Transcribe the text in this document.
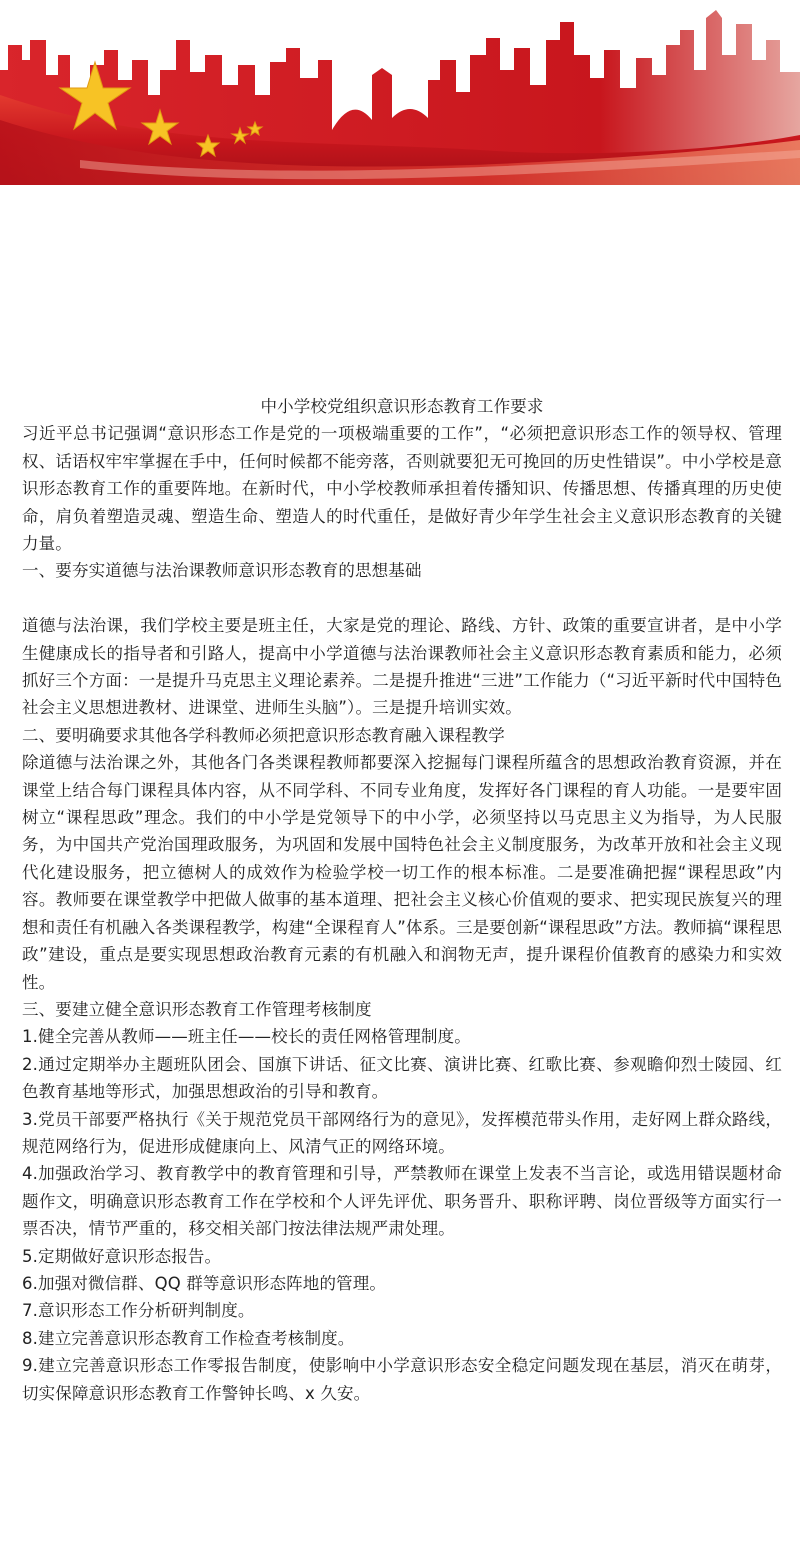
中小学校党组织意识形态教育工作要求

习近平总书记强调“意识形态工作是党的一项极端重要的工作”，“必须把意识形态工作的领导权、管理权、话语权牢牢掌握在手中，任何时候都不能旁落，否则就要犯无可挽回的历史性错误”。中小学校是意识形态教育工作的重要阵地。在新时代，中小学校教师承担着传播知识、传播思想、传播真理的历史使命，肩负着塑造灵魂、塑造生命、塑造人的时代重任，是做好青少年学生社会主义意识形态教育的关键力量。

一、要夯实道德与法治课教师意识形态教育的思想基础

道德与法治课，我们学校主要是班主任，大家是党的理论、路线、方针、政策的重要宣讲者，是中小学生健康成长的指导者和引路人，提高中小学道德与法治课教师社会主义意识形态教育素质和能力，必须抓好三个方面：一是提升马克思主义理论素养。二是提升推进“三进”工作能力（“习近平新时代中国特色社会主义思想进教材、进课堂、进师生头脑”）。三是提升培训实效。

二、要明确要求其他各学科教师必须把意识形态教育融入课程教学

除道德与法治课之外，其他各门各类课程教师都要深入挖掘每门课程所蕴含的思想政治教育资源，并在课堂上结合每门课程具体内容，从不同学科、不同专业角度，发挥好各门课程的育人功能。一是要牢固树立“课程思政”理念。我们的中小学是党领导下的中小学，必须坚持以马克思主义为指导，为人民服务，为中国共产党治国理政服务，为巩固和发展中国特色社会主义制度服务，为改革开放和社会主义现代化建设服务，把立德树人的成效作为检验学校一切工作的根本标准。二是要准确把握“课程思政”内容。教师要在课堂教学中把做人做事的基本道理、把社会主义核心价值观的要求、把实现民族复兴的理想和责任有机融入各类课程教学，构建“全课程育人”体系。三是要创新“课程思政”方法。教师搞“课程思政”建设，重点是要实现思想政治教育元素的有机融入和润物无声，提升课程价值教育的感染力和实效性。

三、要建立健全意识形态教育工作管理考核制度

1.健全完善从教师——班主任——校长的责任网格管理制度。

2.通过定期举办主题班队团会、国旗下讲话、征文比赛、演讲比赛、红歌比赛、参观瞻仰烈士陵园、红色教育基地等形式，加强思想政治的引导和教育。

3.党员干部要严格执行《关于规范党员干部网络行为的意见》，发挥模范带头作用，走好网上群众路线，规范网络行为，促进形成健康向上、风清气正的网络环境。

4.加强政治学习、教育教学中的教育管理和引导，严禁教师在课堂上发表不当言论，或选用错误题材命题作文，明确意识形态教育工作在学校和个人评先评优、职务晋升、职称评聘、岗位晋级等方面实行一票否决，情节严重的，移交相关部门按法律法规严肃处理。

5.定期做好意识形态报告。

6.加强对微信群、QQ 群等意识形态阵地的管理。

7.意识形态工作分析研判制度。

8.建立完善意识形态教育工作检查考核制度。

9.建立完善意识形态工作零报告制度，使影响中小学意识形态安全稳定问题发现在基层，消灭在萌芽，切实保障意识形态教育工作警钟长鸣、x 久安。
